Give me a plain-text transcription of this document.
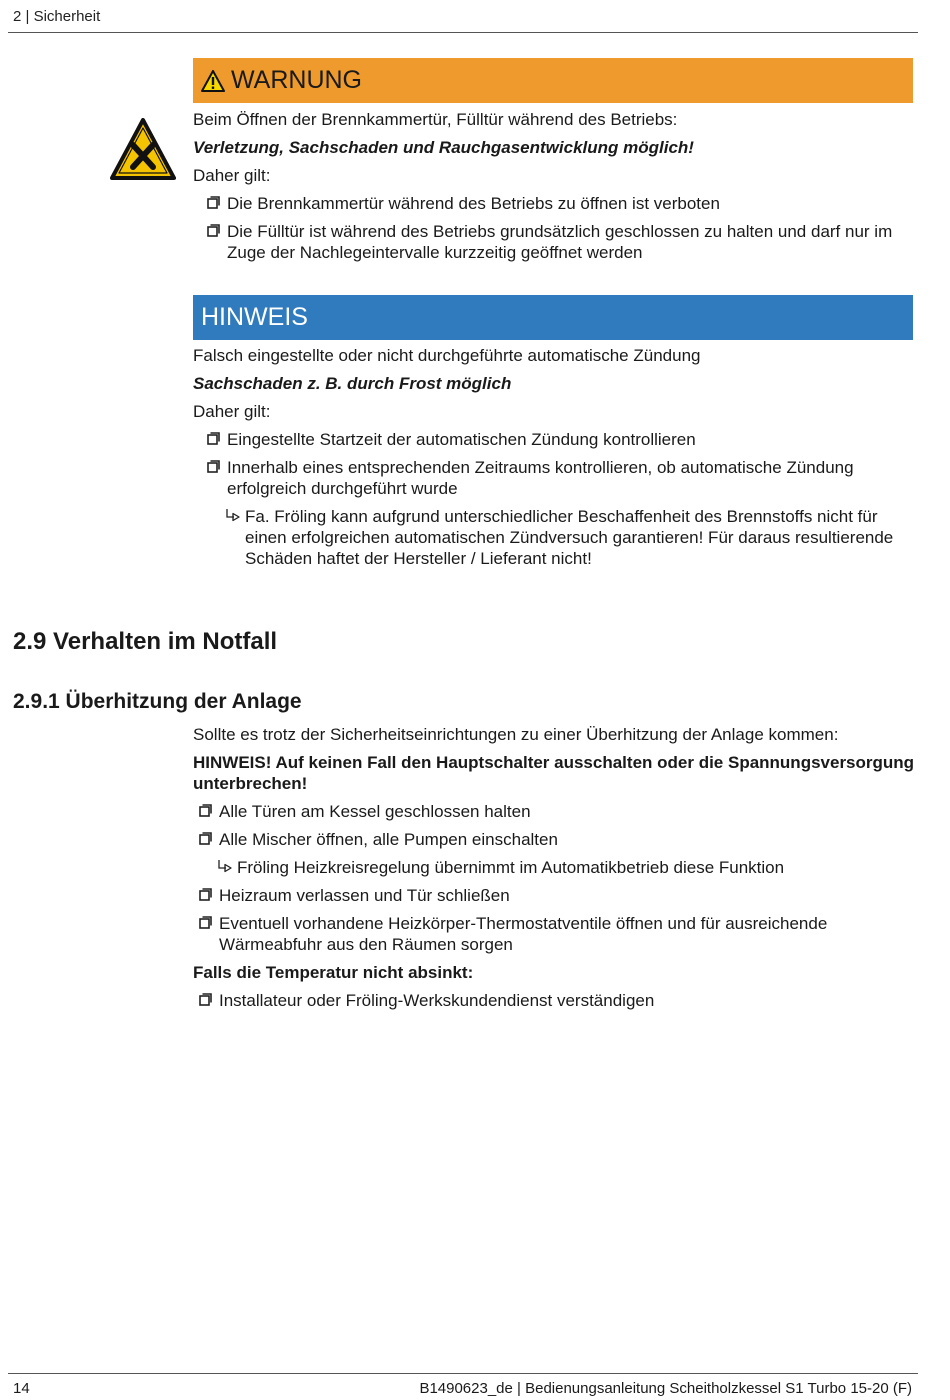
2 | Sicherheit
WARNUNG

Beim Öffnen der Brennkammertür, Fülltür während des Betriebs:

Verletzung, Sachschaden und Rauchgasentwicklung möglich!

Daher gilt:

Die Brennkammertür während des Betriebs zu öffnen ist verboten
Die Fülltür ist während des Betriebs grundsätzlich geschlossen zu halten und darf nur im Zuge der Nachlegeintervalle kurzzeitig geöffnet werden
HINWEIS

Falsch eingestellte oder nicht durchgeführte automatische Zündung

Sachschaden z. B. durch Frost möglich

Daher gilt:

Eingestellte Startzeit der automatischen Zündung kontrollieren
Innerhalb eines entsprechenden Zeitraums kontrollieren, ob automatische Zündung erfolgreich durchgeführt wurde
Fa. Fröling kann aufgrund unterschiedlicher Beschaffenheit des Brennstoffs nicht für einen erfolgreichen automatischen Zündversuch garantieren! Für daraus resultierende Schäden haftet der Hersteller / Lieferant nicht!
2.9 Verhalten im Notfall
2.9.1 Überhitzung der Anlage

Sollte es trotz der Sicherheitseinrichtungen zu einer Überhitzung der Anlage kommen:

HINWEIS! Auf keinen Fall den Hauptschalter ausschalten oder die Spannungsversorgung unterbrechen!

Alle Türen am Kessel geschlossen halten
Alle Mischer öffnen, alle Pumpen einschalten
Fröling Heizkreisregelung übernimmt im Automatikbetrieb diese Funktion
Heizraum verlassen und Tür schließen
Eventuell vorhandene Heizkörper-Thermostatventile öffnen und für ausreichende Wärmeabfuhr aus den Räumen sorgen

Falls die Temperatur nicht absinkt:

Installateur oder Fröling-Werkskundendienst verständigen
14	B1490623_de | Bedienungsanleitung Scheitholzkessel S1 Turbo 15-20 (F)
